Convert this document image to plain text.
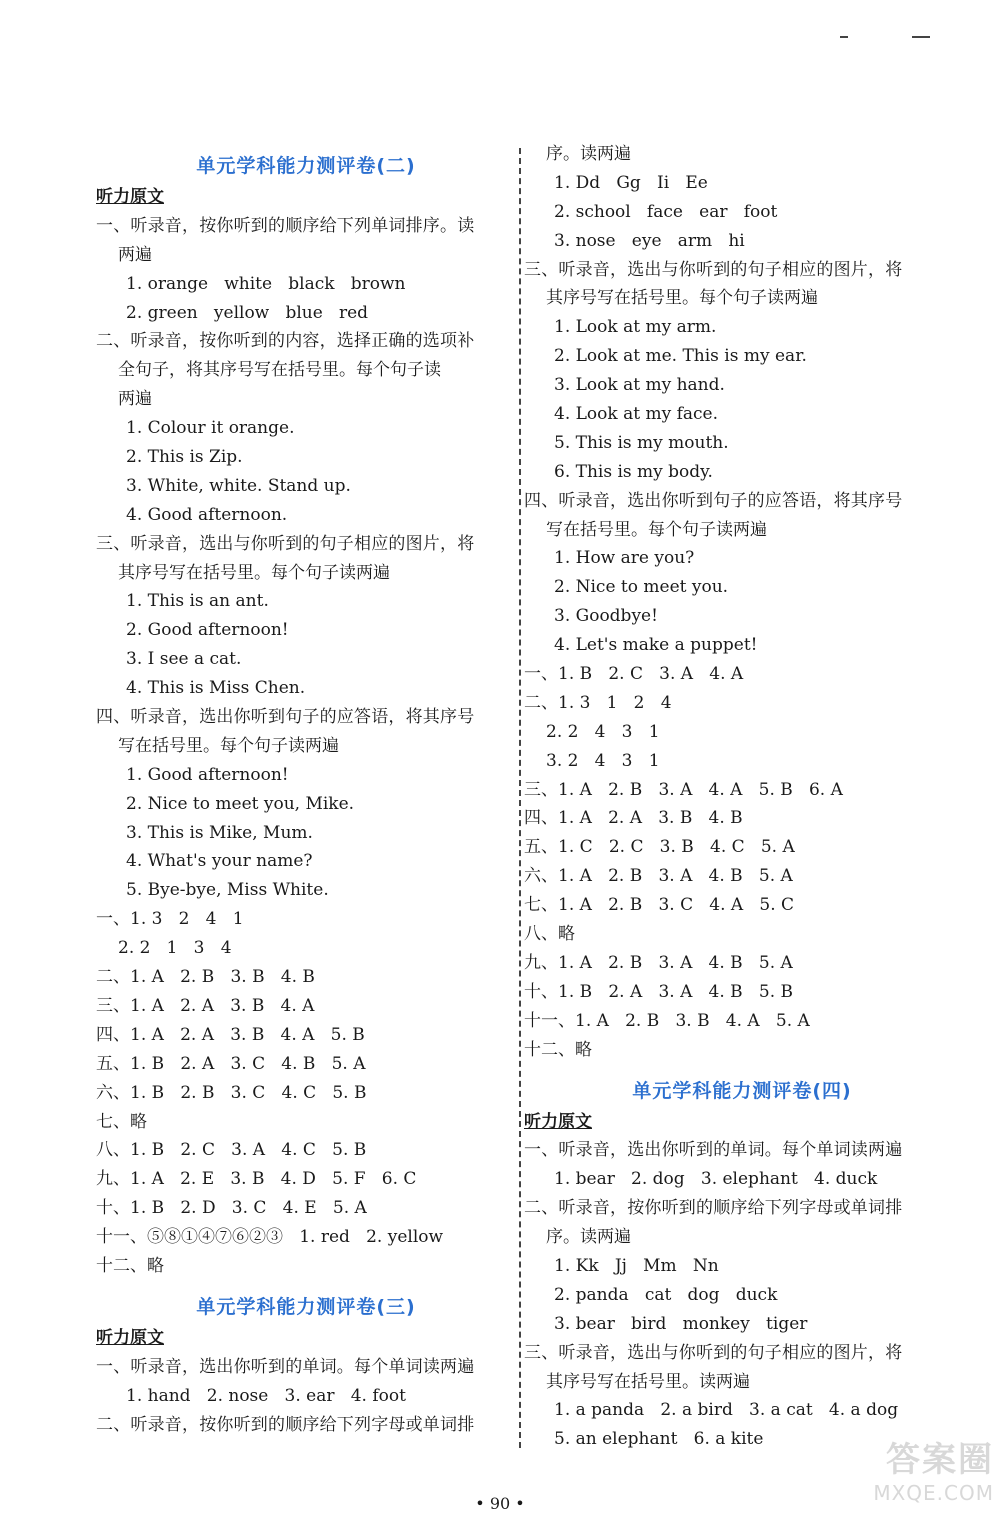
单元学科能力测评卷(二)
听力原文
一、听录音，按你听到的顺序给下列单词排序。读
两遍
1. orange   white   black   brown
2. green   yellow   blue   red
二、听录音，按你听到的内容，选择正确的选项补
全句子，将其序号写在括号里。每个句子读
两遍
1. Colour it orange.
2. This is Zip.
3. White, white. Stand up.
4. Good afternoon.
三、听录音，选出与你听到的句子相应的图片，将
其序号写在括号里。每个句子读两遍
1. This is an ant.
2. Good afternoon!
3. I see a cat.
4. This is Miss Chen.
四、听录音，选出你听到句子的应答语，将其序号
写在括号里。每个句子读两遍
1. Good afternoon!
2. Nice to meet you, Mike.
3. This is Mike, Mum.
4. What's your name?
5. Bye-bye, Miss White.
一、1. 3   2   4   1
2. 2   1   3   4
二、1. A   2. B   3. B   4. B
三、1. A   2. A   3. B   4. A
四、1. A   2. A   3. B   4. A   5. B
五、1. B   2. A   3. C   4. B   5. A
六、1. B   2. B   3. C   4. C   5. B
七、略
八、1. B   2. C   3. A   4. C   5. B
九、1. A   2. E   3. B   4. D   5. F   6. C
十、1. B   2. D   3. C   4. E   5. A
十一、⑤⑧①④⑦⑥②③   1. red   2. yellow
十二、略
单元学科能力测评卷(三)
听力原文
一、听录音，选出你听到的单词。每个单词读两遍
1. hand   2. nose   3. ear   4. foot
二、听录音，按你听到的顺序给下列字母或单词排
序。读两遍
1. Dd   Gg   Ii   Ee
2. school   face   ear   foot
3. nose   eye   arm   hi
三、听录音，选出与你听到的句子相应的图片，将
其序号写在括号里。每个句子读两遍
1. Look at my arm.
2. Look at me. This is my ear.
3. Look at my hand.
4. Look at my face.
5. This is my mouth.
6. This is my body.
四、听录音，选出你听到句子的应答语，将其序号
写在括号里。每个句子读两遍
1. How are you?
2. Nice to meet you.
3. Goodbye!
4. Let's make a puppet!
一、1. B   2. C   3. A   4. A
二、1. 3   1   2   4
2. 2   4   3   1
3. 2   4   3   1
三、1. A   2. B   3. A   4. A   5. B   6. A
四、1. A   2. A   3. B   4. B
五、1. C   2. C   3. B   4. C   5. A
六、1. A   2. B   3. A   4. B   5. A
七、1. A   2. B   3. C   4. A   5. C
八、略
九、1. A   2. B   3. A   4. B   5. A
十、1. B   2. A   3. A   4. B   5. B
十一、1. A   2. B   3. B   4. A   5. A
十二、略
单元学科能力测评卷(四)
听力原文
一、听录音，选出你听到的单词。每个单词读两遍
1. bear   2. dog   3. elephant   4. duck
二、听录音，按你听到的顺序给下列字母或单词排
序。读两遍
1. Kk   Jj   Mm   Nn
2. panda   cat   dog   duck
3. bear   bird   monkey   tiger
三、听录音，选出与你听到的句子相应的图片，将
其序号写在括号里。读两遍
1. a panda   2. a bird   3. a cat   4. a dog
5. an elephant   6. a kite
• 90 •
答案圈
MXQE.COM
